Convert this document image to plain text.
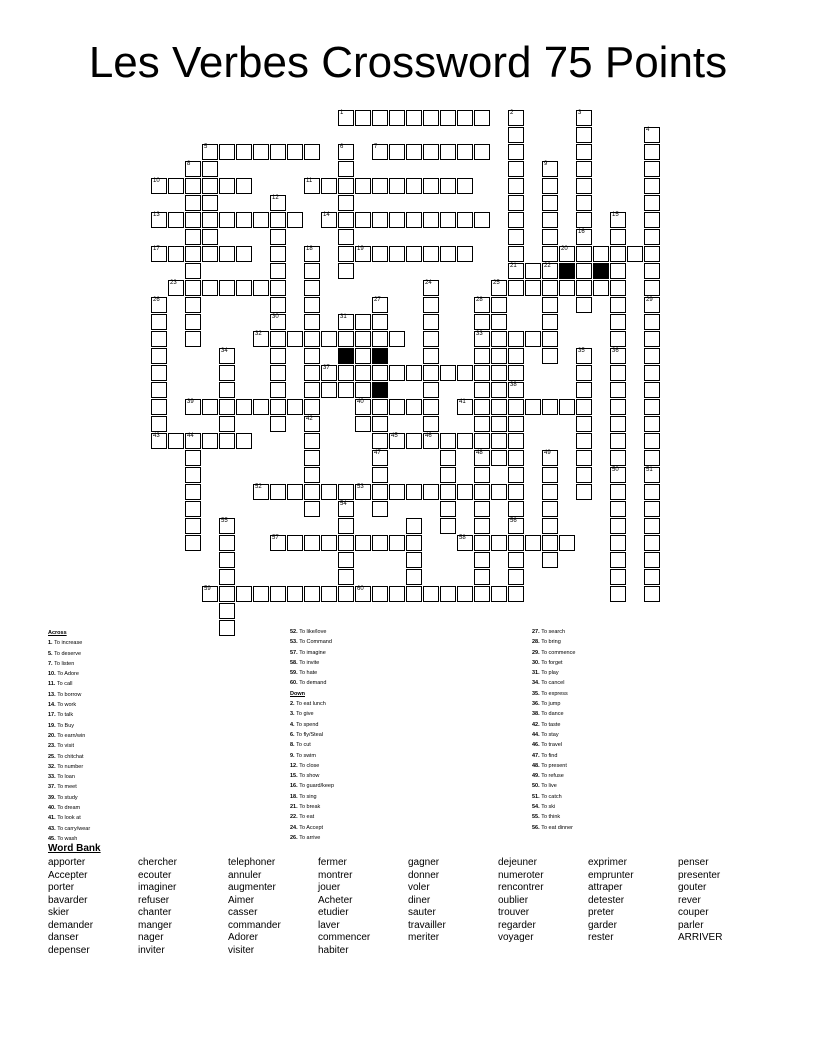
Les Verbes Crossword 75 Points
1
5	7
10	11
13	14
17	19	20
21	22
23	25
32	33
37
39	40	41
43	44	45	46
52	53
57	58
59	60
2	3
16
4
29
51
6
8	9
12
30
15
36
50
18
42
28
48
27
47
24
26
38
34
31
35
56
49
55
54
Across
1. To increase
5. To deserve
7. To listen
10. To Adore
11. To call
13. To borrow
14. To work
17. To talk
19. To Buy
20. To earn/win
23. To visit
25. To chitchat
32. To number
33. To loan
37. To meet
39. To study
40. To dream
41. To look at
43. To carry/wear
45. To wash
52. To like/love
53. To Command
57. To imagine
58. To invite
59. To hate
60. To demand
Down
2. To eat lunch
3. To give
4. To spend
6. To fly/Steal
8. To cut
9. To swim
12. To close
15. To show
16. To guard/keep
18. To sing
21. To break
22. To eat
24. To Accept
26. To arrive
27. To search
28. To bring
29. To commence
30. To forget
31. To play
34. To cancel
35. To express
36. To jump
38. To dance
42. To taste
44. To stay
46. To travel
47. To find
48. To present
49. To refuse
50. To live
51. To catch
54. To ski
55. To think
56. To eat dinner
Word Bank
apporter
Accepter
porter
bavarder
skier
demander
danser
depenser
chercher
ecouter
imaginer
refuser
chanter
manger
nager
inviter
telephoner
annuler
augmenter
Aimer
casser
commander
Adorer
visiter
fermer
montrer
jouer
Acheter
etudier
laver
commencer
habiter
gagner
donner
voler
diner
sauter
travailler
meriter
dejeuner
numeroter
rencontrer
oublier
trouver
regarder
voyager
exprimer
emprunter
attraper
detester
preter
garder
rester
penser
presenter
gouter
rever
couper
parler
ARRIVER
